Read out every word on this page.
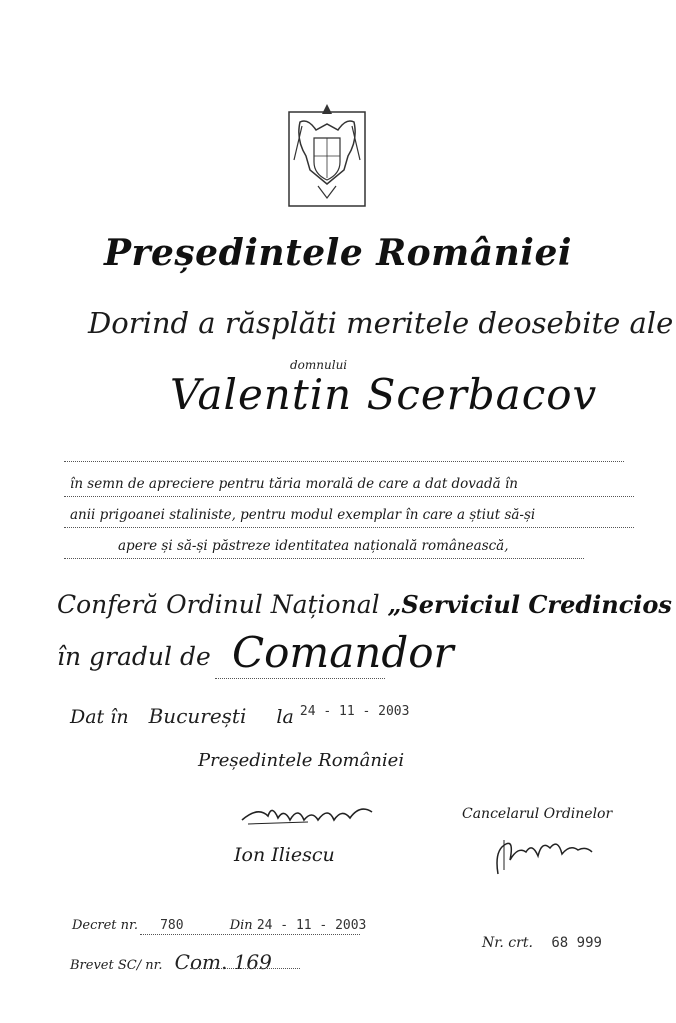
Președintele României
Dorind a răsplăti meritele deosebite ale
domnului
Valentin Scerbacov
în semn de apreciere pentru tăria morală de care a dat dovadă în
anii prigoanei staliniste, pentru modul exemplar în care a știut să-și
apere și să-și păstreze identitatea națională românească,
Conferă Ordinul Național „Serviciul Credincios
în gradul de Comandor
Dat în București la $^{24 - 11 - 2003}$
Președintele României
Ion Iliescu
Cancelarul Ordinelor
Decret nr. 780	Din 24 - 11 - 2003
Brevet SC/ nr. Com. 169
Nr. crt. 68 999
